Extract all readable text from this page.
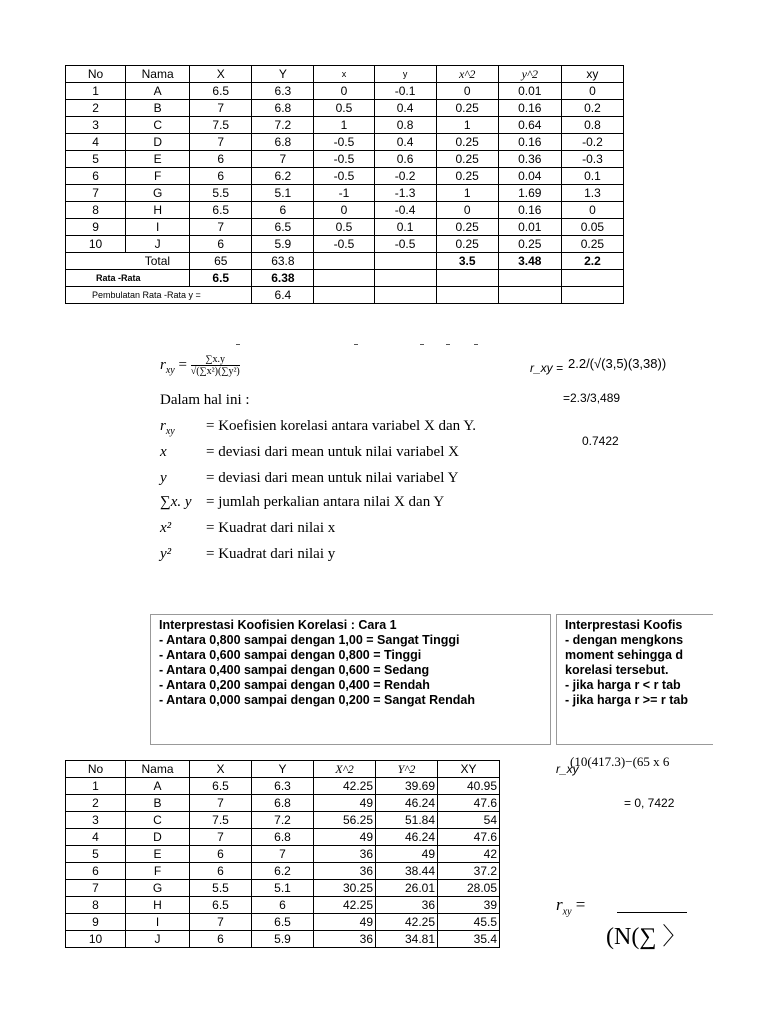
No	Nama	X	Y	x	y	x^2	y^2	xy
1	A	6.5	6.3	0	-0.1	0	0.01	0
2	B	7	6.8	0.5	0.4	0.25	0.16	0.2
3	C	7.5	7.2	1	0.8	1	0.64	0.8
4	D	7	6.8	-0.5	0.4	0.25	0.16	-0.2
5	E	6	7	-0.5	0.6	0.25	0.36	-0.3
6	F	6	6.2	-0.5	-0.2	0.25	0.04	0.1
7	G	5.5	5.1	-1	-1.3	1	1.69	1.3
8	H	6.5	6	0	-0.4	0	0.16	0
9	I	7	6.5	0.5	0.1	0.25	0.01	0.05
10	J	6	5.9	-0.5	-0.5	0.25	0.25	0.25
	Total	65	63.8			3.5	3.48	2.2
Rata -Rata		6.5	6.38					
Pembulatan Rata -Rata y =			6.4					
$r_{xy} = \frac{\sum x.y}{\text{√(∑x²)(∑y²)}}$
Dalam hal ini :
$r_{xy}$ = Koefisien korelasi antara variabel X dan Y.
x	= deviasi dari mean untuk nilai variabel X
y	= deviasi dari mean untuk nilai variabel Y
∑x. y = jumlah perkalian antara nilai X dan Y
x² = Kuadrat dari nilai x
y² = Kuadrat dari nilai y
r_xy = 2.2/(√(3,5)(3,38))
=2.3/3,489
0.7422
Interprestasi Koofisien Korelasi : Cara 1
- Antara 0,800 sampai dengan 1,00 = Sangat Tinggi
- Antara 0,600 sampai dengan 0,800 = Tinggi
- Antara 0,400 sampai dengan 0,600 = Sedang
- Antara 0,200 sampai dengan 0,400 = Rendah
- Antara 0,000 sampai dengan 0,200 = Sangat Rendah
Interprestasi Koofis
- dengan mengkons
moment sehingga d
korelasi tersebut.
- jika harga r < r tab
- jika harga r >= r tab
No	Nama	X	Y	X^2	Y^2	XY
1	A	6.5	6.3	42.25	39.69	40.95
2	B	7	6.8	49	46.24	47.6
3	C	7.5	7.2	56.25	51.84	54
4	D	7	6.8	49	46.24	47.6
5	E	6	7	36	49	42
6	F	6	6.2	36	38.44	37.2
7	G	5.5	5.1	30.25	26.01	28.05
8	H	6.5	6	42.25	36	39
9	I	7	6.5	49	42.25	45.5
10	J	6	5.9	36	34.81	35.4
r_xy
(10(417.3)−(65 x 6
= 0, 7422
$r_{xy}$ =
(N(∑ 〉
